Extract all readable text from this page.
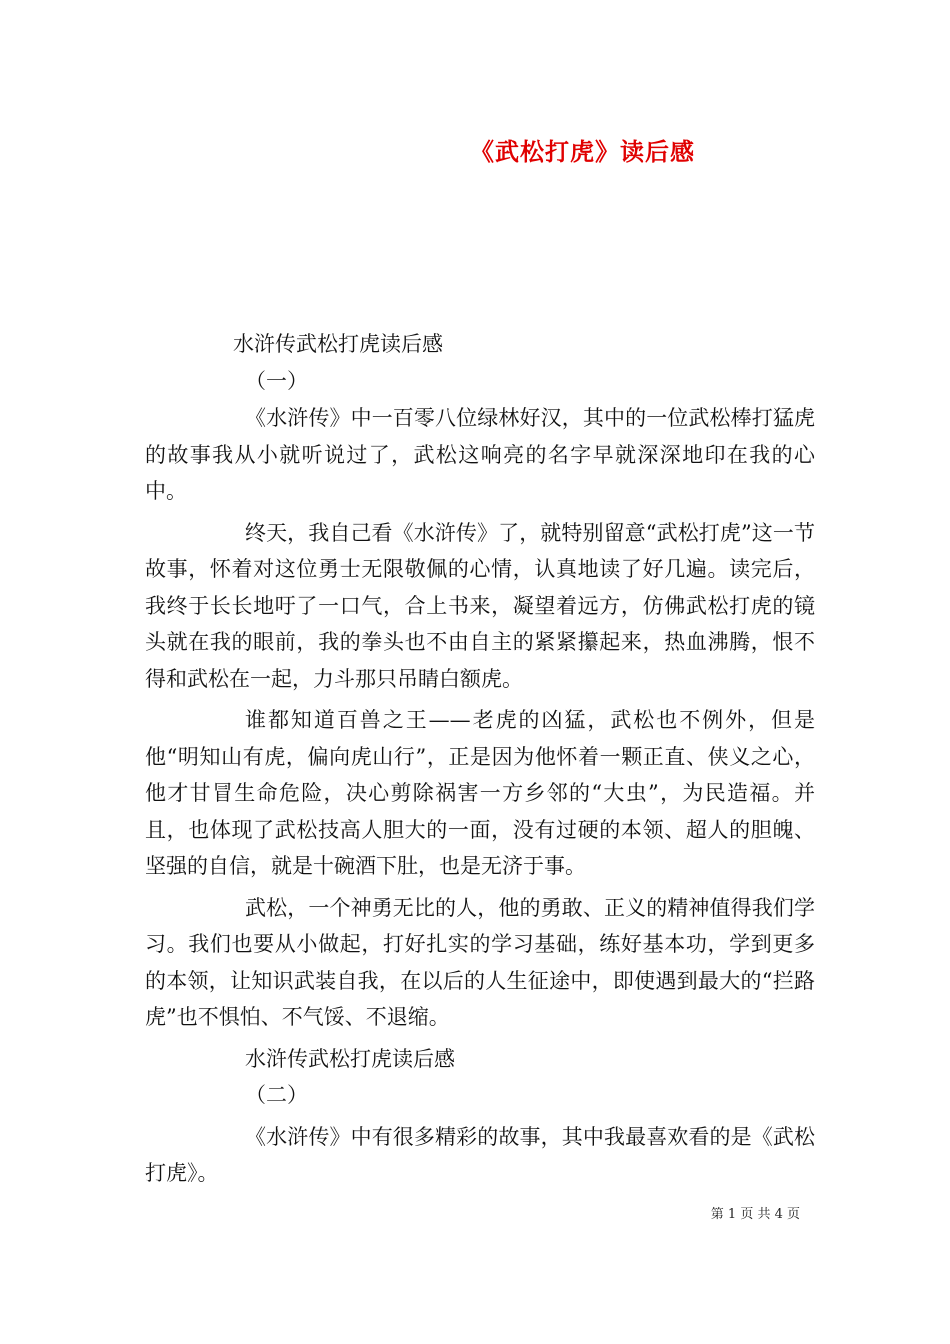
《武松打虎》读后感

水浒传武松打虎读后感

（一）

《水浒传》中一百零八位绿林好汉，其中的一位武松棒打猛虎的故事我从小就听说过了，武松这响亮的名字早就深深地印在我的心中。

终天，我自己看《水浒传》了，就特别留意“武松打虎”这一节故事，怀着对这位勇士无限敬佩的心情，认真地读了好几遍。读完后，我终于长长地吁了一口气，合上书来，凝望着远方，仿佛武松打虎的镜头就在我的眼前，我的拳头也不由自主的紧紧攥起来，热血沸腾，恨不得和武松在一起，力斗那只吊睛白额虎。

谁都知道百兽之王——老虎的凶猛，武松也不例外，但是他“明知山有虎，偏向虎山行”，正是因为他怀着一颗正直、侠义之心，他才甘冒生命危险，决心剪除祸害一方乡邻的“大虫”，为民造福。并且，也体现了武松技高人胆大的一面，没有过硬的本领、超人的胆魄、坚强的自信，就是十碗酒下肚，也是无济于事。

武松，一个神勇无比的人，他的勇敢、正义的精神值得我们学习。我们也要从小做起，打好扎实的学习基础，练好基本功，学到更多的本领，让知识武装自我，在以后的人生征途中，即使遇到最大的“拦路虎”也不惧怕、不气馁、不退缩。

水浒传武松打虎读后感

（二）

《水浒传》中有很多精彩的故事，其中我最喜欢看的是《武松打虎》。

第 1 页 共 4 页
